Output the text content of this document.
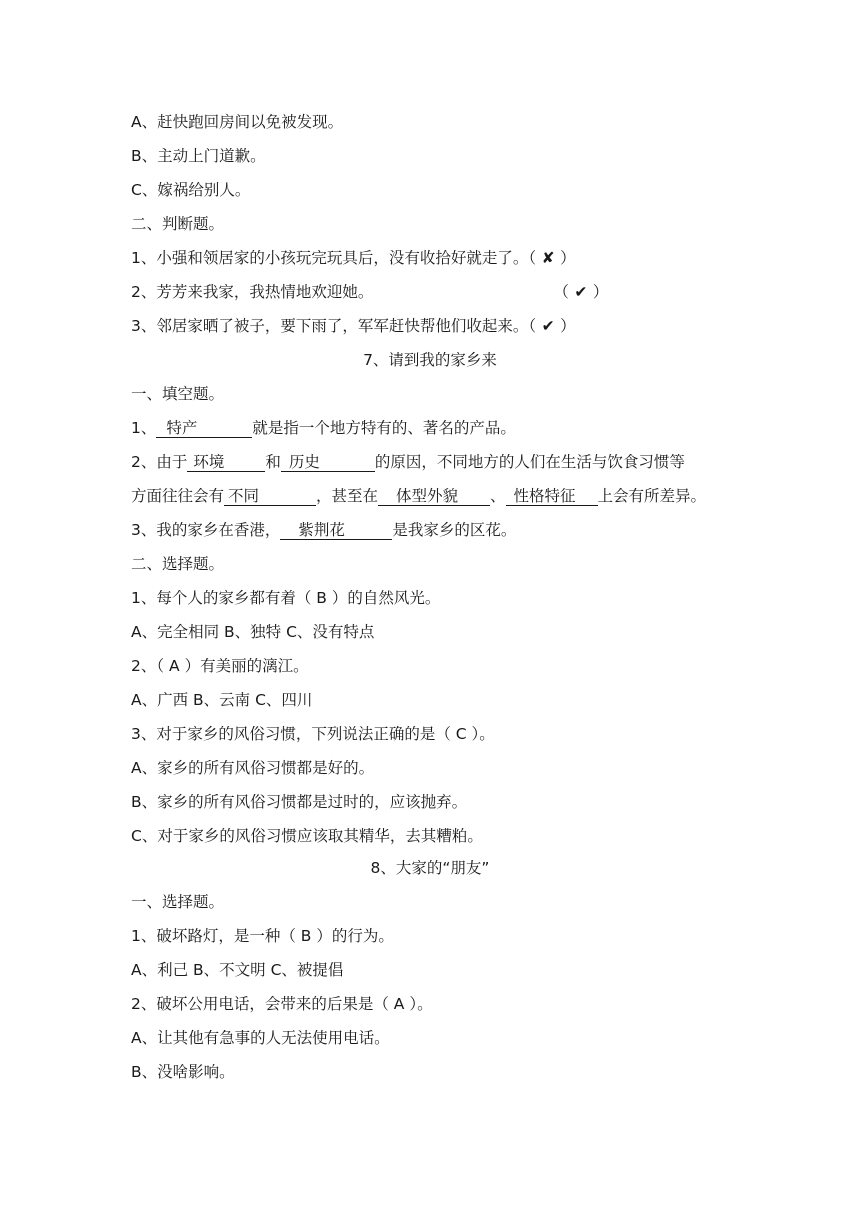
A、赶快跑回房间以免被发现。
B、主动上门道歉。
C、嫁祸给别人。
二、判断题。
1、小强和领居家的小孩玩完玩具后，没有收拾好就走了。（ ✘ ）
2、芳芳来我家，我热情地欢迎她。	（ ✔ ）
3、邻居家晒了被子，要下雨了，军军赶快帮他们收起来。（ ✔ ）
7、请到我的家乡来
一、填空题。
1、 特产	就是指一个地方特有的、著名的产品。
2、由于 环境	和 历史	的原因，不同地方的人们在生活与饮食习惯等
方面往往会有 不同	，甚至在 体型外貌 、 性格特征 上会有所差异。
3、我的家乡在香港， 紫荆花	是我家乡的区花。
二、选择题。
1、每个人的家乡都有着（ B ）的自然风光。
A、完全相同 B、独特 C、没有特点
2、（ A ）有美丽的漓江。
A、广西 B、云南 C、四川
3、对于家乡的风俗习惯，下列说法正确的是（ C ）。
A、家乡的所有风俗习惯都是好的。
B、家乡的所有风俗习惯都是过时的，应该抛弃。
C、对于家乡的风俗习惯应该取其精华，去其糟粕。
8、大家的“朋友”
一、选择题。
1、破坏路灯，是一种（ B ）的行为。
A、利己 B、不文明 C、被提倡
2、破坏公用电话，会带来的后果是（ A ）。
A、让其他有急事的人无法使用电话。
B、没啥影响。
